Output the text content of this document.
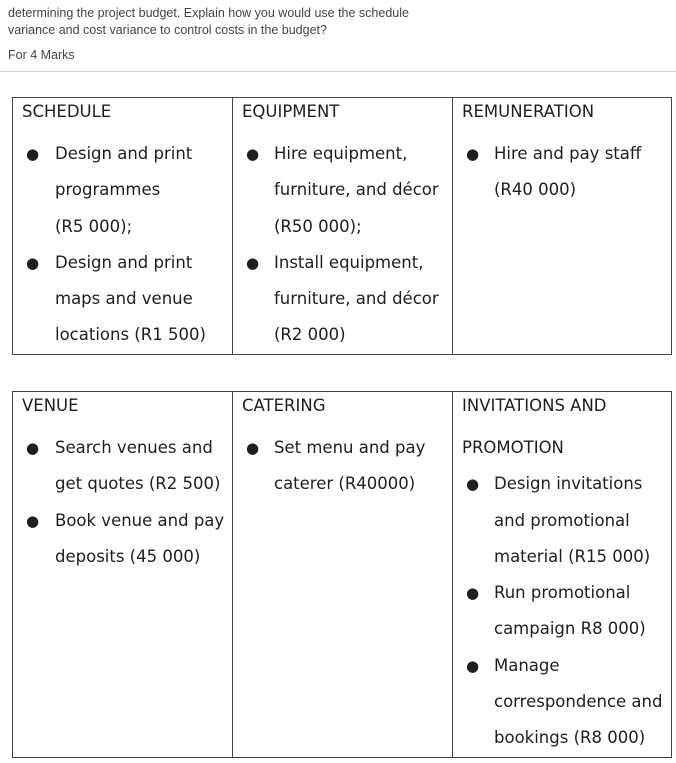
determining the project budget. Explain how you would use the schedule
variance and cost variance to control costs in the budget?
For 4 Marks
SCHEDULE
● Design and print
programmes
(R5 000);
● Design and print
maps and venue
locations (R1 500)

EQUIPMENT
● Hire equipment,
furniture, and décor
(R50 000);
● Install equipment,
furniture, and décor
(R2 000)

REMUNERATION
● Hire and pay staff
(R40 000)
VENUE
● Search venues and
get quotes (R2 500)
● Book venue and pay
deposits (45 000)

CATERING
● Set menu and pay
caterer (R40000)

INVITATIONS AND
PROMOTION
● Design invitations
and promotional
material (R15 000)
● Run promotional
campaign R8 000)
● Manage
correspondence and
bookings (R8 000)
